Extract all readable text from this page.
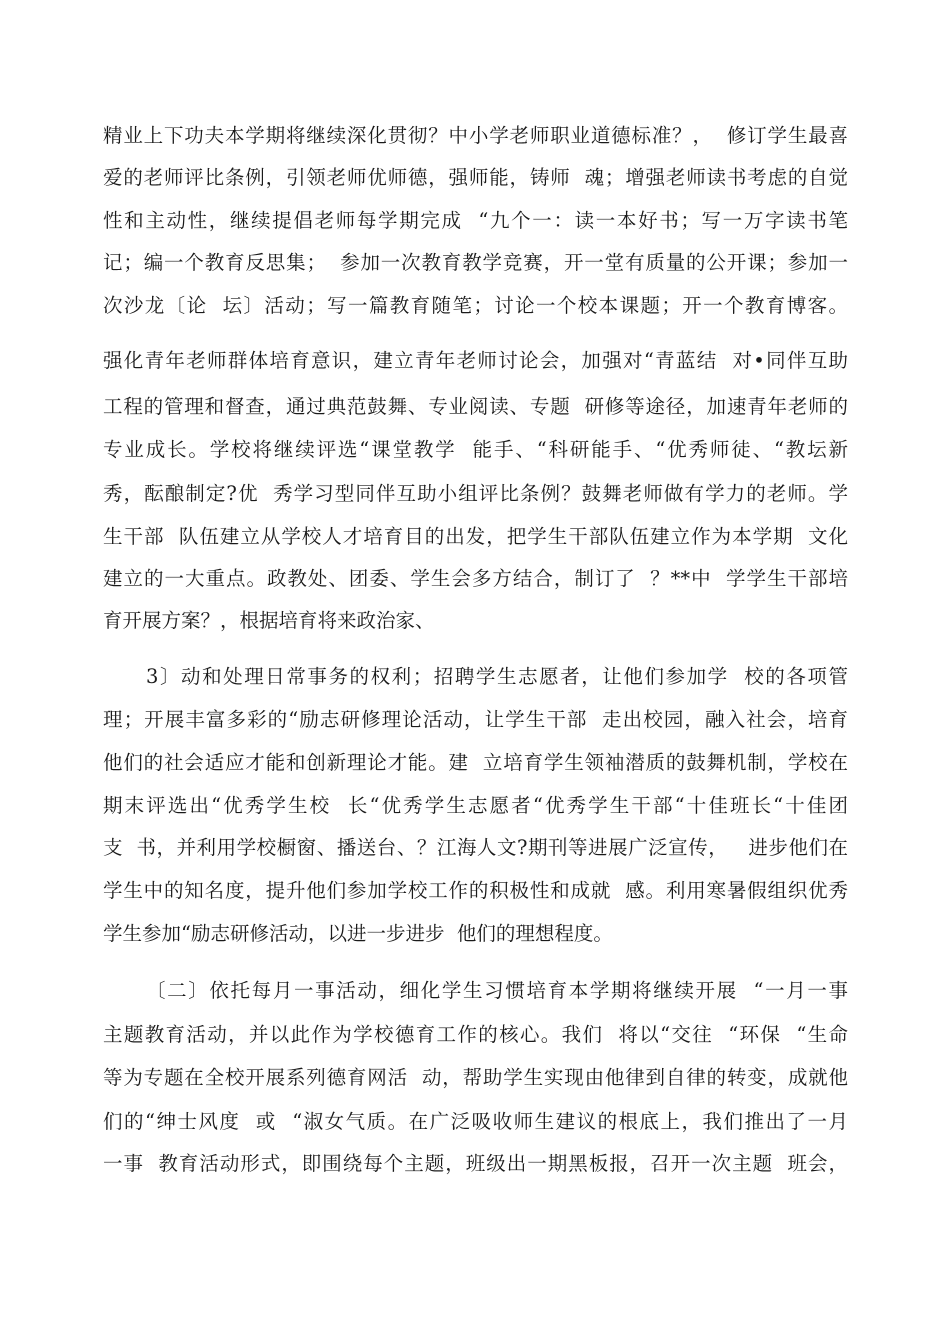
精业上下功夫本学期将继续深化贯彻？中小学老师职业道德标准？，  修订学生最喜
爱的老师评比条例，引领老师优师德，强师能，铸师  魂；增强老师读书考虑的自觉
性和主动性，继续提倡老师每学期完成  “九个一：读一本好书；写一万字读书笔
记；编一个教育反思集；  参加一次教育教学竞赛，开一堂有质量的公开课；参加一
次沙龙〔论  坛〕活动；写一篇教育随笔；讨论一个校本课题；开一个教育博客。
强化青年老师群体培育意识，建立青年老师讨论会，加强对“青蓝结  对•同伴互助
工程的管理和督查，通过典范鼓舞、专业阅读、专题  研修等途径，加速青年老师的
专业成长。学校将继续评选“课堂教学  能手、“科研能手、“优秀师徒、“教坛新
秀，酝酿制定?优  秀学习型同伴互助小组评比条例？鼓舞老师做有学力的老师。学
生干部  队伍建立从学校人才培育目的出发，把学生干部队伍建立作为本学期  文化
建立的一大重点。政教处、团委、学生会多方结合，制订了  ？**中  学学生干部培
育开展方案？，根据培育将来政治家、
3〕动和处理日常事务的权利；招聘学生志愿者，让他们参加学  校的各项管
理；开展丰富多彩的“励志研修理论活动，让学生干部  走出校园，融入社会，培育
他们的社会适应才能和创新理论才能。建  立培育学生领袖潜质的鼓舞机制，学校在
期末评选出“优秀学生校  长“优秀学生志愿者“优秀学生干部“十佳班长“十佳团
支  书，并利用学校橱窗、播送台、？江海人文?期刊等进展广泛宣传，   进步他们在
学生中的知名度，提升他们参加学校工作的积极性和成就  感。利用寒暑假组织优秀
学生参加“励志研修活动，以进一步进步  他们的理想程度。
〔二〕依托每月一事活动，细化学生习惯培育本学期将继续开展  “一月一事
主题教育活动，并以此作为学校德育工作的核心。我们  将以“交往  “环保  “生命
等为专题在全校开展系列德育网活  动，帮助学生实现由他律到自律的转变，成就他
们的“绅士风度  或  “淑女气质。在广泛吸收师生建议的根底上，我们推出了一月
一事  教育活动形式，即围绕每个主题，班级出一期黑板报，召开一次主题  班会，
